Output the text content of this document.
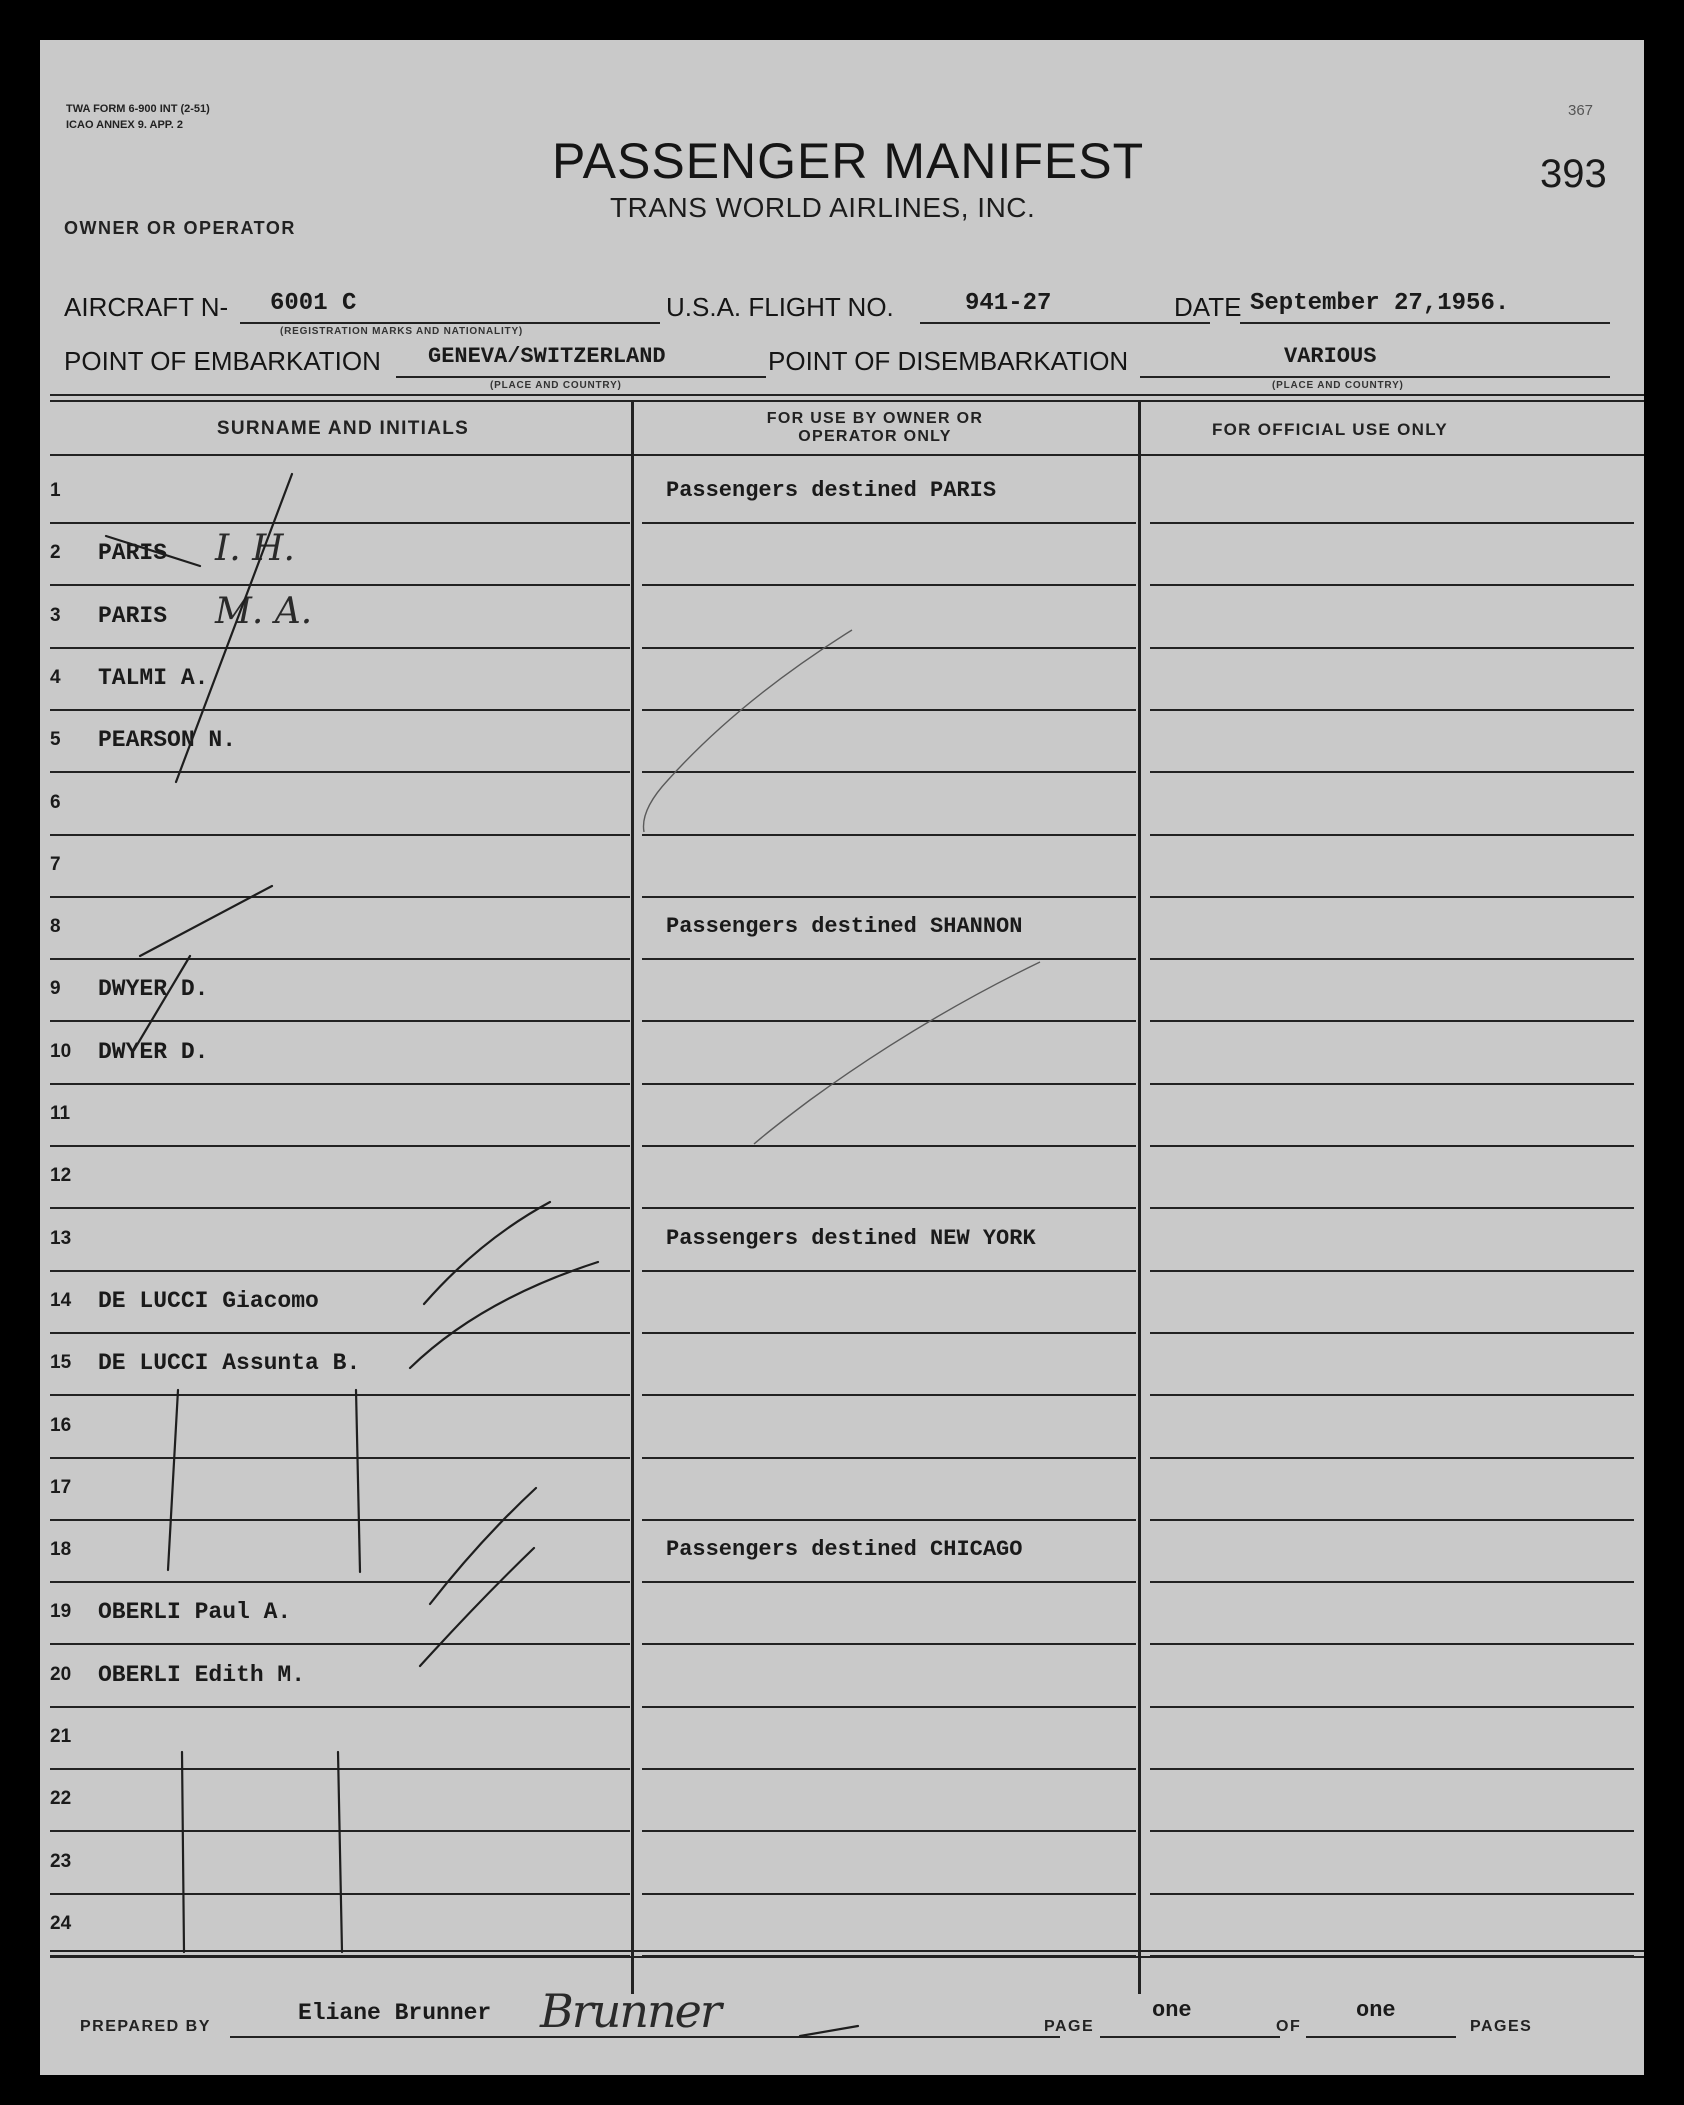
TWA FORM 6-900 INT (2-51)
ICAO ANNEX 9. APP. 2
367
393
PASSENGER MANIFEST
TRANS WORLD AIRLINES, INC.
OWNER OR OPERATOR
AIRCRAFT N- 6001 C
(REGISTRATION MARKS AND NATIONALITY)
U.S.A. FLIGHT NO.	941-27	DATE September 27,1956.
POINT OF EMBARKATION GENEVA/SWITZERLAND
(PLACE AND COUNTRY)
POINT OF DISEMBARKATION	VARIOUS
(PLACE AND COUNTRY)
SURNAME AND INITIALS	FOR USE BY OWNER OR OPERATOR ONLY	FOR OFFICIAL USE ONLY
1	Passengers destined PARIS
2 PARIS I. H.
3 PARIS M. A.
4 TALMI A.
5 PEARSON N.
6
7
8	Passengers destined SHANNON
9 DWYER D.
10 DWYER D.
11
12
13	Passengers destined NEW YORK
14 DE LUCCI Giacomo
15 DE LUCCI Assunta B.
16
17
18	Passengers destined CHICAGO
19 OBERLI Paul A.
20 OBERLI Edith M.
21
22
23
24
PREPARED BY
Eliane Brunner Brunner	PAGE
one
OF
one
PAGES
